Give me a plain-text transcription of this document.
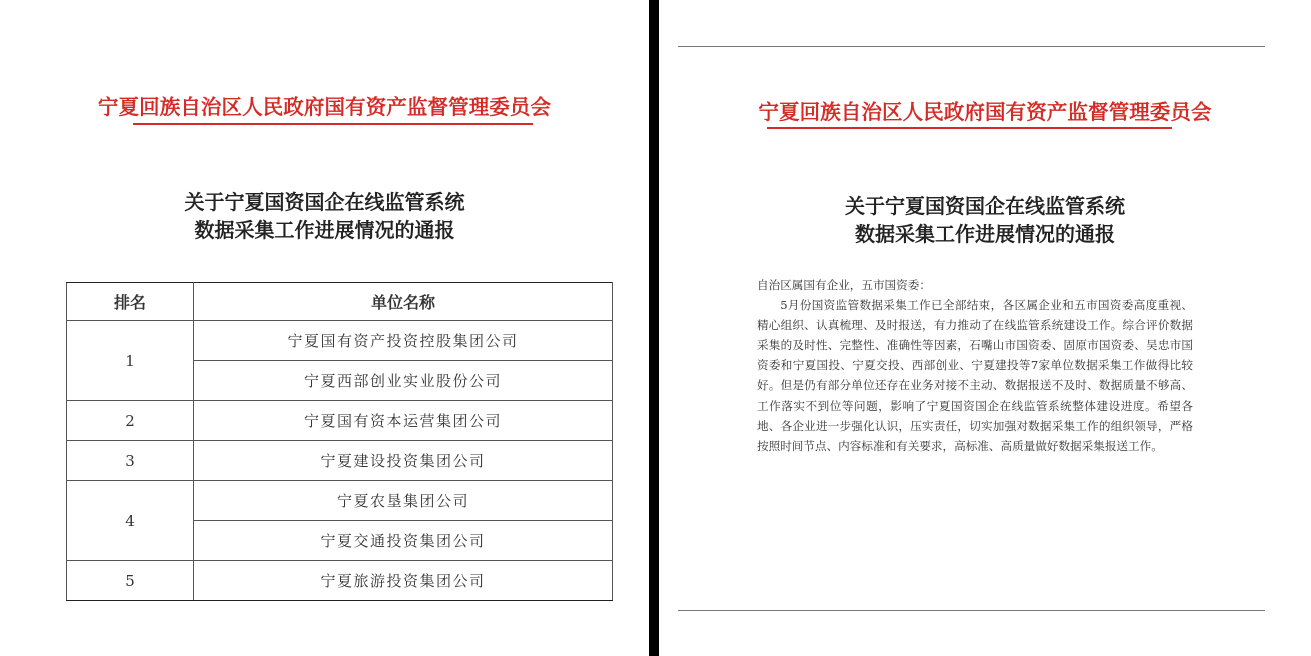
宁夏回族自治区人民政府国有资产监督管理委员会
关于宁夏国资国企在线监管系统
数据采集工作进展情况的通报
排名	单位名称
1	宁夏国有资产投资控股集团公司
	宁夏西部创业实业股份公司
2	宁夏国有资本运营集团公司
3	宁夏建设投资集团公司
4	宁夏农垦集团公司
	宁夏交通投资集团公司
5	宁夏旅游投资集团公司
宁夏回族自治区人民政府国有资产监督管理委员会
关于宁夏国资国企在线监管系统
数据采集工作进展情况的通报

自治区属国有企业，五市国资委：

5月份国资监管数据采集工作已全部结束，各区属企业和五市国资委高度重视、精心组织、认真梳理、及时报送，有力推动了在线监管系统建设工作。综合评价数据采集的及时性、完整性、准确性等因素，石嘴山市国资委、固原市国资委、吴忠市国资委和宁夏国投、宁夏交投、西部创业、宁夏建投等7家单位数据采集工作做得比较好。但是仍有部分单位还存在业务对接不主动、数据报送不及时、数据质量不够高、工作落实不到位等问题，影响了宁夏国资国企在线监管系统整体建设进度。希望各地、各企业进一步强化认识，压实责任，切实加强对数据采集工作的组织领导，严格按照时间节点、内容标准和有关要求，高标准、高质量做好数据采集报送工作。
